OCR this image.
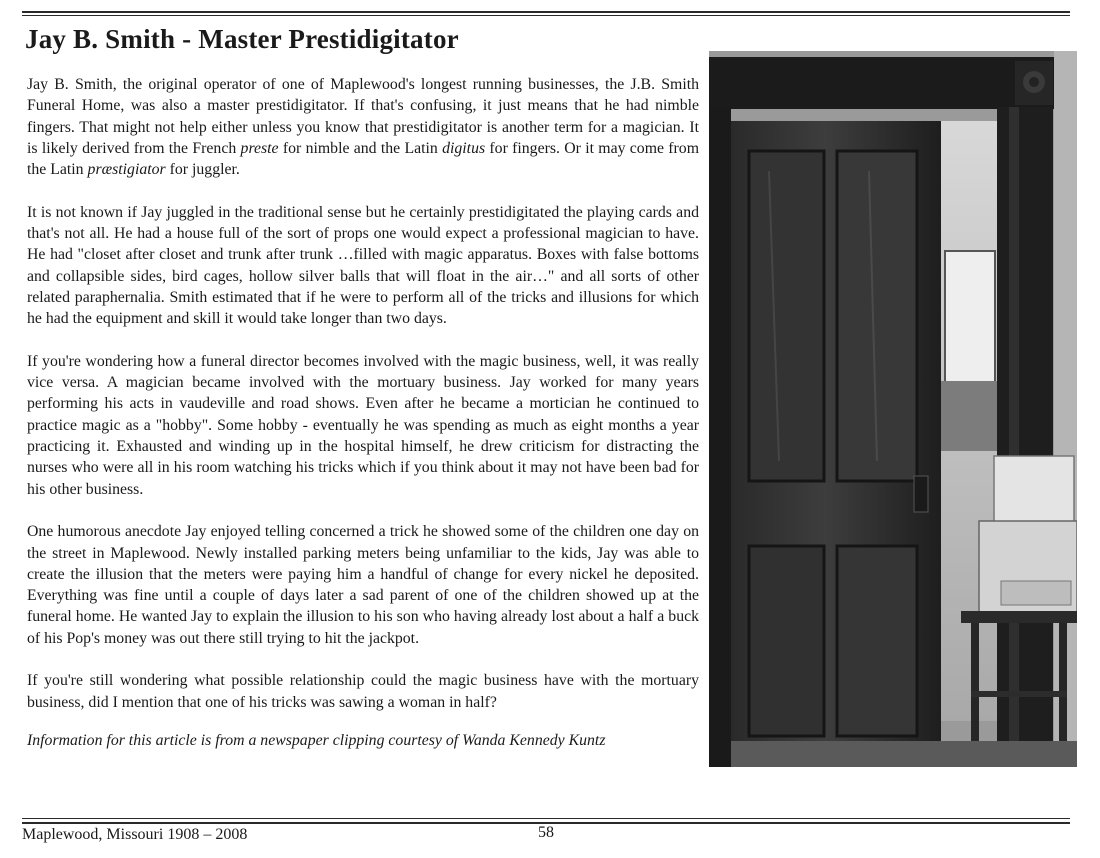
Jay B. Smith - Master Prestidigitator

Jay B. Smith, the original operator of one of Maplewood's longest running businesses, the J.B. Smith Funeral Home, was also a master prestidigitator. If that's confusing, it just means that he had nimble fingers. That might not help either unless you know that prestidigitator is another term for a magician. It is likely derived from the French preste for nimble and the Latin digitus for fingers. Or it may come from the Latin præstigiator for juggler.

It is not known if Jay juggled in the traditional sense but he certainly prestidigitated the playing cards and that's not all. He had a house full of the sort of props one would expect a professional magician to have. He had "closet after closet and trunk after trunk …filled with magic apparatus. Boxes with false bottoms and collapsible sides, bird cages, hollow silver balls that will float in the air…" and all sorts of other related paraphernalia. Smith estimated that if he were to perform all of the tricks and illusions for which he had the equipment and skill it would take longer than two days.

If you're wondering how a funeral director becomes involved with the magic business, well, it was really vice versa. A magician became involved with the mortuary business. Jay worked for many years performing his acts in vaudeville and road shows. Even after he became a mortician he continued to practice magic as a "hobby". Some hobby - eventually he was spending as much as eight months a year practicing it. Exhausted and winding up in the hospital himself, he drew criticism for distracting the nurses who were all in his room watching his tricks which if you think about it may not have been bad for his other business.

One humorous anecdote Jay enjoyed telling concerned a trick he showed some of the children one day on the street in Maplewood. Newly installed parking meters being unfamiliar to the kids, Jay was able to create the illusion that the meters were paying him a handful of change for every nickel he deposited. Everything was fine until a couple of days later a sad parent of one of the children showed up at the funeral home. He wanted Jay to explain the illusion to his son who having already lost about a half a buck of his Pop's money was out there still trying to hit the jackpot.

If you're still wondering what possible relationship could the magic business have with the mortuary business, did I mention that one of his tricks was sawing a woman in half?

Information for this article is from a newspaper clipping courtesy of Wanda Kennedy Kuntz

Maplewood, Missouri 1908 – 2008	58
